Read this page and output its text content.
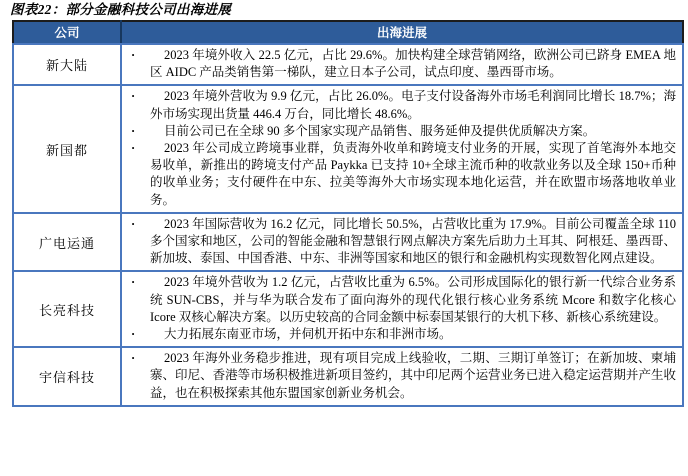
图表22：部分金融科技公司出海进展
公司	出海进展
新大陆	· 2023 年境外收入 22.5 亿元，占比 29.6%。加快构建全球营销网络，欧洲公司已跻身 EMEA 地区 AIDC 产品类销售第一梯队，建立日本子公司，试点印度、墨西哥市场。

新国都	
· 2023 年境外营收为 9.9 亿元，占比 26.0%。电子支付设备海外市场毛利润同比增长 18.7%；海外市场实现出货量 446.4 万台，同比增长 48.6%。
· 目前公司已在全球 90 多个国家实现产品销售、服务延伸及提供优质解决方案。
· 2023 年公司成立跨境事业群，负责海外收单和跨境支付业务的开展，实现了首笔海外本地交易收单，新推出的跨境支付产品 Paykka 已支持 10+全球主流币种的收款业务以及全球 150+币种的收单业务；支付硬件在中东、拉美等海外大市场实现本地化运营，并在欧盟市场落地收单业务。

广电运通	· 2023 年国际营收为 16.2 亿元，同比增长 50.5%，占营收比重为 17.9%。目前公司覆盖全球 110 多个国家和地区，公司的智能金融和智慧银行网点解决方案先后助力土耳其、阿根廷、墨西哥、新加坡、泰国、中国香港、中东、非洲等国家和地区的银行和金融机构实现数智化网点建设。

长亮科技	· 2023 年境外营收为 1.2 亿元，占营收比重为 6.5%。公司形成国际化的银行新一代综合业务系统 SUN-CBS，并与华为联合发布了面向海外的现代化银行核心业务系统 Mcore 和数字化核心 Icore 双核心解决方案。以历史较高的合同金额中标泰国某银行的大机下移、新核心系统建设。
· 大力拓展东南亚市场，并伺机开拓中东和非洲市场。

宇信科技	· 2023 年海外业务稳步推进，现有项目完成上线验收，二期、三期订单签订；在新加坡、柬埔寨、印尼、香港等市场积极推进新项目签约，其中印尼两个运营业务已进入稳定运营期并产生收益，也在积极探索其他东盟国家创新业务机会。
